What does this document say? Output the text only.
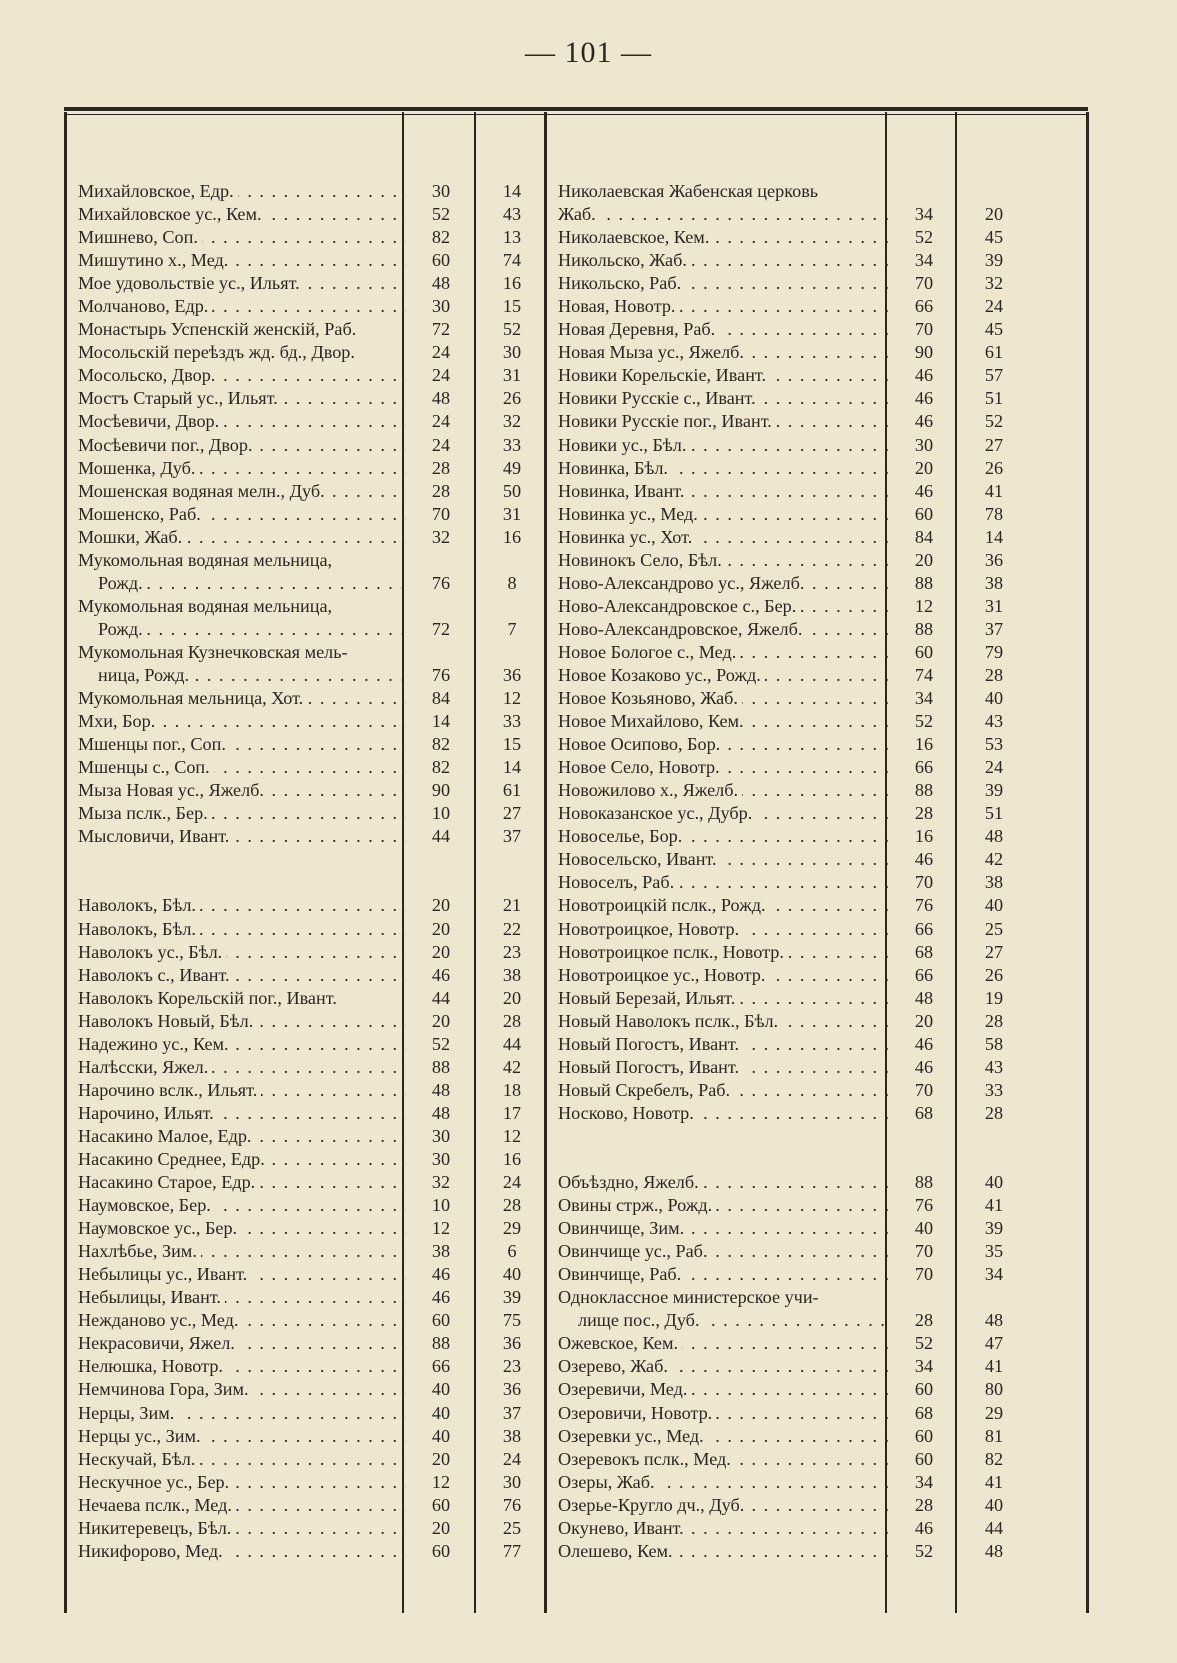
— 101 —
Михайловское, Едр. . . .	30	14
Михайловское ус., Кем. . . .	52	43
Мишнево, Соп. . . .	82	13
Мишутино х., Мед. . . .	60	74
Мое удовольствіе ус., Ильят. . . .	48	16
Молчаново, Едр. . . .	30	15
Монастырь Успенскій женскій, Раб.	72	52
Мосольскій переѣздъ жд. бд., Двор.	24	30
Мосольско, Двор. . . .	24	31
Мостъ Старый ус., Ильят. . . .	48	26
Мосѣевичи, Двор. . . .	24	32
Мосѣевичи пог., Двор. . . .	24	33
Мошенка, Дуб. . . .	28	49
Мошенская водяная мелн., Дуб. . . .	28	50
Мошенско, Раб. . . .	70	31
Мошки, Жаб. . . .	32	16
Мукомольная водяная мельница,
Рожд. . . .	76	8
Мукомольная водяная мельница,
Рожд. . . .	72	7
Мукомольная Кузнечковская мель-
ница, Рожд. . . .	76	36
Мукомольная мельница, Хот. . . .	84	12
Мхи, Бор. . . .	14	33
Мшенцы пог., Соп. . . .	82	15
Мшенцы с., Соп. . . .	82	14
Мыза Новая ус., Яжелб. . . .	90	61
Мыза пслк., Бер. . . .	10	27
Мысловичи, Ивант. . . .	44	37
Наволокъ, Бѣл. . . .	20	21
Наволокъ, Бѣл. . . .	20	22
Наволокъ ус., Бѣл. . . .	20	23
Наволокъ с., Ивант. . . .	46	38
Наволокъ Корельскій пог., Ивант.	44	20
Наволокъ Новый, Бѣл. . . .	20	28
Надежино ус., Кем. . . .	52	44
Налѣсски, Яжел. . . .	88	42
Нарочино вслк., Ильят. . . .	48	18
Нарочино, Ильят. . . .	48	17
Насакино Малое, Едр. . . .	30	12
Насакино Среднее, Едр. . . .	30	16
Насакино Старое, Едр. . . .	32	24
Наумовское, Бер. . . .	10	28
Наумовское ус., Бер. . . .	12	29
Нахлѣбье, Зим. . . .	38	6
Небылицы ус., Ивант. . . .	46	40
Небылицы, Ивант. . . .	46	39
Нежданово ус., Мед. . . .	60	75
Некрасовичи, Яжел. . . .	88	36
Нелюшка, Новотр. . . .	66	23
Немчинова Гора, Зим. . . .	40	36
Нерцы, Зим. . . .	40	37
Нерцы ус., Зим. . . .	40	38
Нескучай, Бѣл. . . .	20	24
Нескучное ус., Бер. . . .	12	30
Нечаева пслк., Мед. . . .	60	76
Никитеревецъ, Бѣл. . . .	20	25
Никифорово, Мед. . . .	60	77
Николаевская Жабенская церковь
Жаб. . . .	34	20
Николаевское, Кем. . . .	52	45
Никольско, Жаб. . . .	34	39
Никольско, Раб. . . .	70	32
Новая, Новотр. . . .	66	24
Новая Деревня, Раб. . . .	70	45
Новая Мыза ус., Яжелб. . . .	90	61
Новики Корельскіе, Ивант. . . .	46	57
Новики Русскіе с., Ивант. . . .	46	51
Новики Русскіе пог., Ивант. . . .	46	52
Новики ус., Бѣл. . . .	30	27
Новинка, Бѣл. . . .	20	26
Новинка, Ивант. . . .	46	41
Новинка ус., Мед. . . .	60	78
Новинка ус., Хот. . . .	84	14
Новинокъ Село, Бѣл. . . .	20	36
Ново-Александрово ус., Яжелб. . . .	88	38
Ново-Александровское с., Бер. . . .	12	31
Ново-Александровское, Яжелб. . . .	88	37
Новое Бологое с., Мед. . . .	60	79
Новое Козаково ус., Рожд. . . .	74	28
Новое Козьяново, Жаб. . . .	34	40
Новое Михайлово, Кем. . . .	52	43
Новое Осипово, Бор. . . .	16	53
Новое Село, Новотр. . . .	66	24
Новожилово х., Яжелб. . . .	88	39
Новоказанское ус., Дубр. . . .	28	51
Новоселье, Бор. . . .	16	48
Новосельско, Ивант. . . .	46	42
Новоселъ, Раб. . . .	70	38
Новотроицкій пслк., Рожд. . . .	76	40
Новотроицкое, Новотр. . . .	66	25
Новотроицкое пслк., Новотр. . . .	68	27
Новотроицкое ус., Новотр. . . .	66	26
Новый Березай, Ильят. . . .	48	19
Новый Наволокъ пслк., Бѣл. . . .	20	28
Новый Погостъ, Ивант. . . .	46	58
Новый Погостъ, Ивант. . . .	46	43
Новый Скребелъ, Раб. . . .	70	33
Носково, Новотр. . . .	68	28
Объѣздно, Яжелб. . . .	88	40
Овины стрж., Рожд. . . .	76	41
Овинчище, Зим. . . .	40	39
Овинчище ус., Раб. . . .	70	35
Овинчище, Раб. . . .	70	34
Одноклассное министерское учи-
лище пос., Дуб. . . .	28	48
Ожевское, Кем. . . .	52	47
Озерево, Жаб. . . .	34	41
Озеревичи, Мед. . . .	60	80
Озеровичи, Новотр. . . .	68	29
Озеревки ус., Мед. . . .	60	81
Озеревокъ пслк., Мед. . . .	60	82
Озеры, Жаб. . . .	34	41
Озерье-Кругло дч., Дуб. . . .	28	40
Окунево, Ивант. . . .	46	44
Олешево, Кем. . . .	52	48
